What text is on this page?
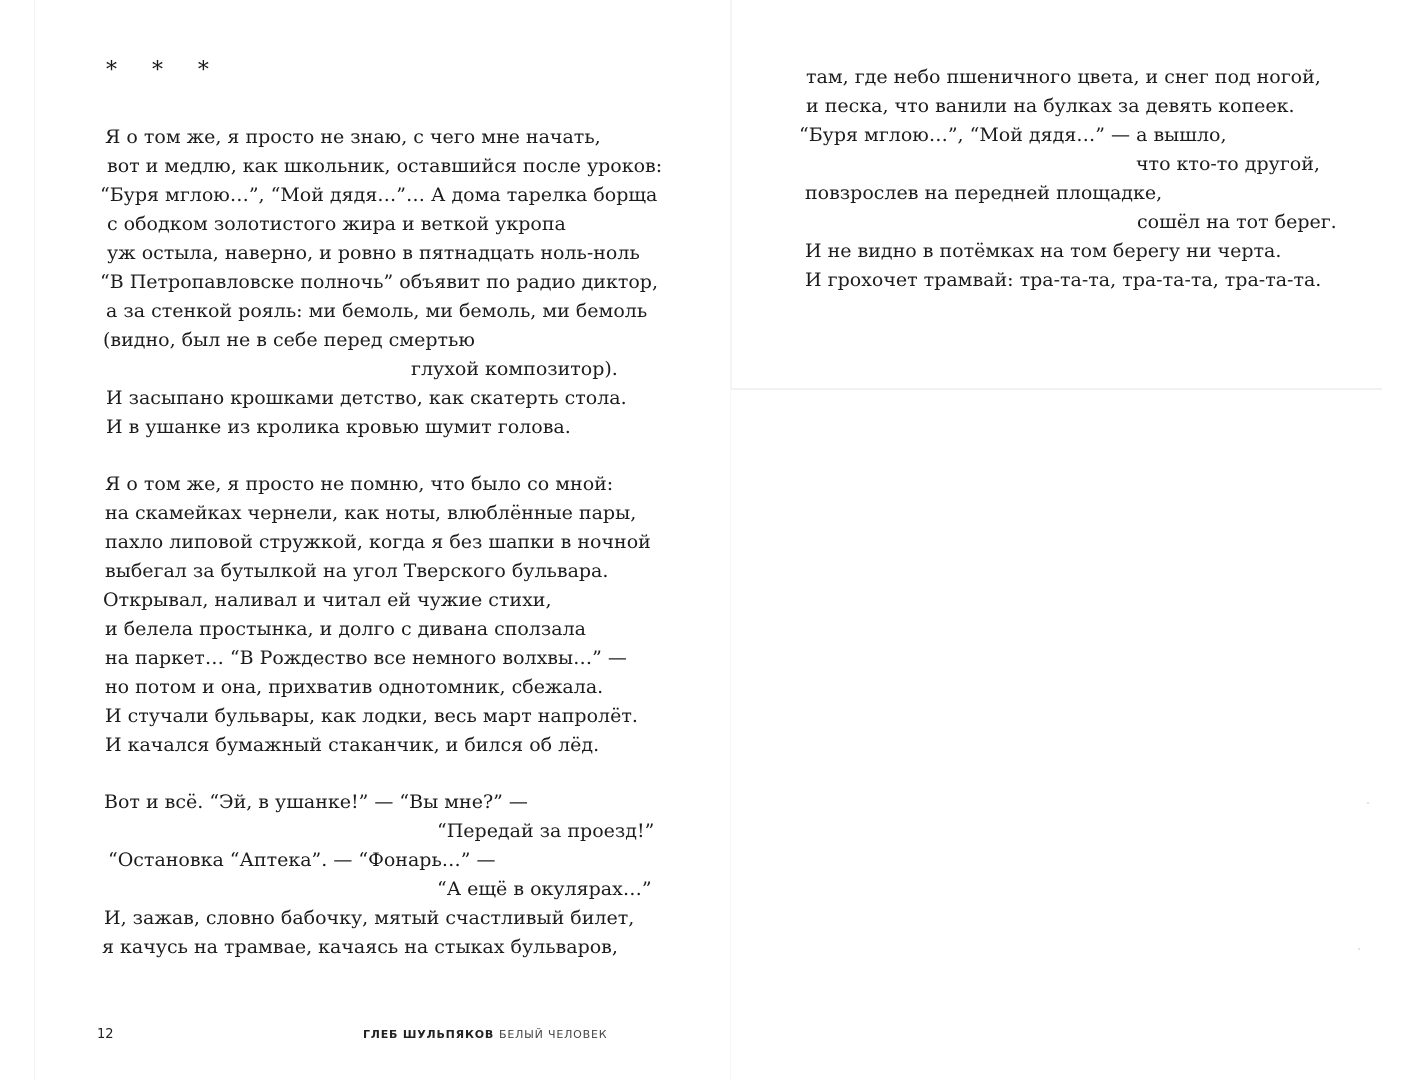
*     *     *
Я о том же, я просто не знаю, с чего мне начать,
вот и медлю, как школьник, оставшийся после уроков:
“Буря мглою…”, “Мой дядя…”… А дома тарелка борща
с ободком золотистого жира и веткой укропа
уж остыла, наверно, и ровно в пятнадцать ноль-ноль
“В Петропавловске полночь” объявит по радио диктор,
а за стенкой рояль: ми бемоль, ми бемоль, ми бемоль
(видно, был не в себе перед смертью
глухой композитор).
И засыпано крошками детство, как скатерть стола.
И в ушанке из кролика кровью шумит голова.
Я о том же, я просто не помню, что было со мной:
на скамейках чернели, как ноты, влюблённые пары,
пахло липовой стружкой, когда я без шапки в ночной
выбегал за бутылкой на угол Тверского бульвара.
Открывал, наливал и читал ей чужие стихи,
и белела простынка, и долго с дивана сползала
на паркет… “В Рождество все немного волхвы…” —
но потом и она, прихватив однотомник, сбежала.
И стучали бульвары, как лодки, весь март напролёт.
И качался бумажный стаканчик, и бился об лёд.
Вот и всё. “Эй, в ушанке!” — “Вы мне?” —
“Передай за проезд!”
“Остановка “Аптека”. — “Фонарь…” —
“А ещё в окулярах…”
И, зажав, словно бабочку, мятый счастливый билет,
я качусь на трамвае, качаясь на стыках бульваров,
там, где небо пшеничного цвета, и снег под ногой,
и песка, что ванили на булках за девять копеек.
“Буря мглою…”, “Мой дядя…” — а вышло,
что кто-то другой,
повзрослев на передней площадке,
сошёл на тот берег.
И не видно в потёмках на том берегу ни черта.
И грохочет трамвай: тра-та-та, тра-та-та, тра-та-та.
12	ГЛЕБ ШУЛЬПЯКОВ БЕЛЫЙ ЧЕЛОВЕК
